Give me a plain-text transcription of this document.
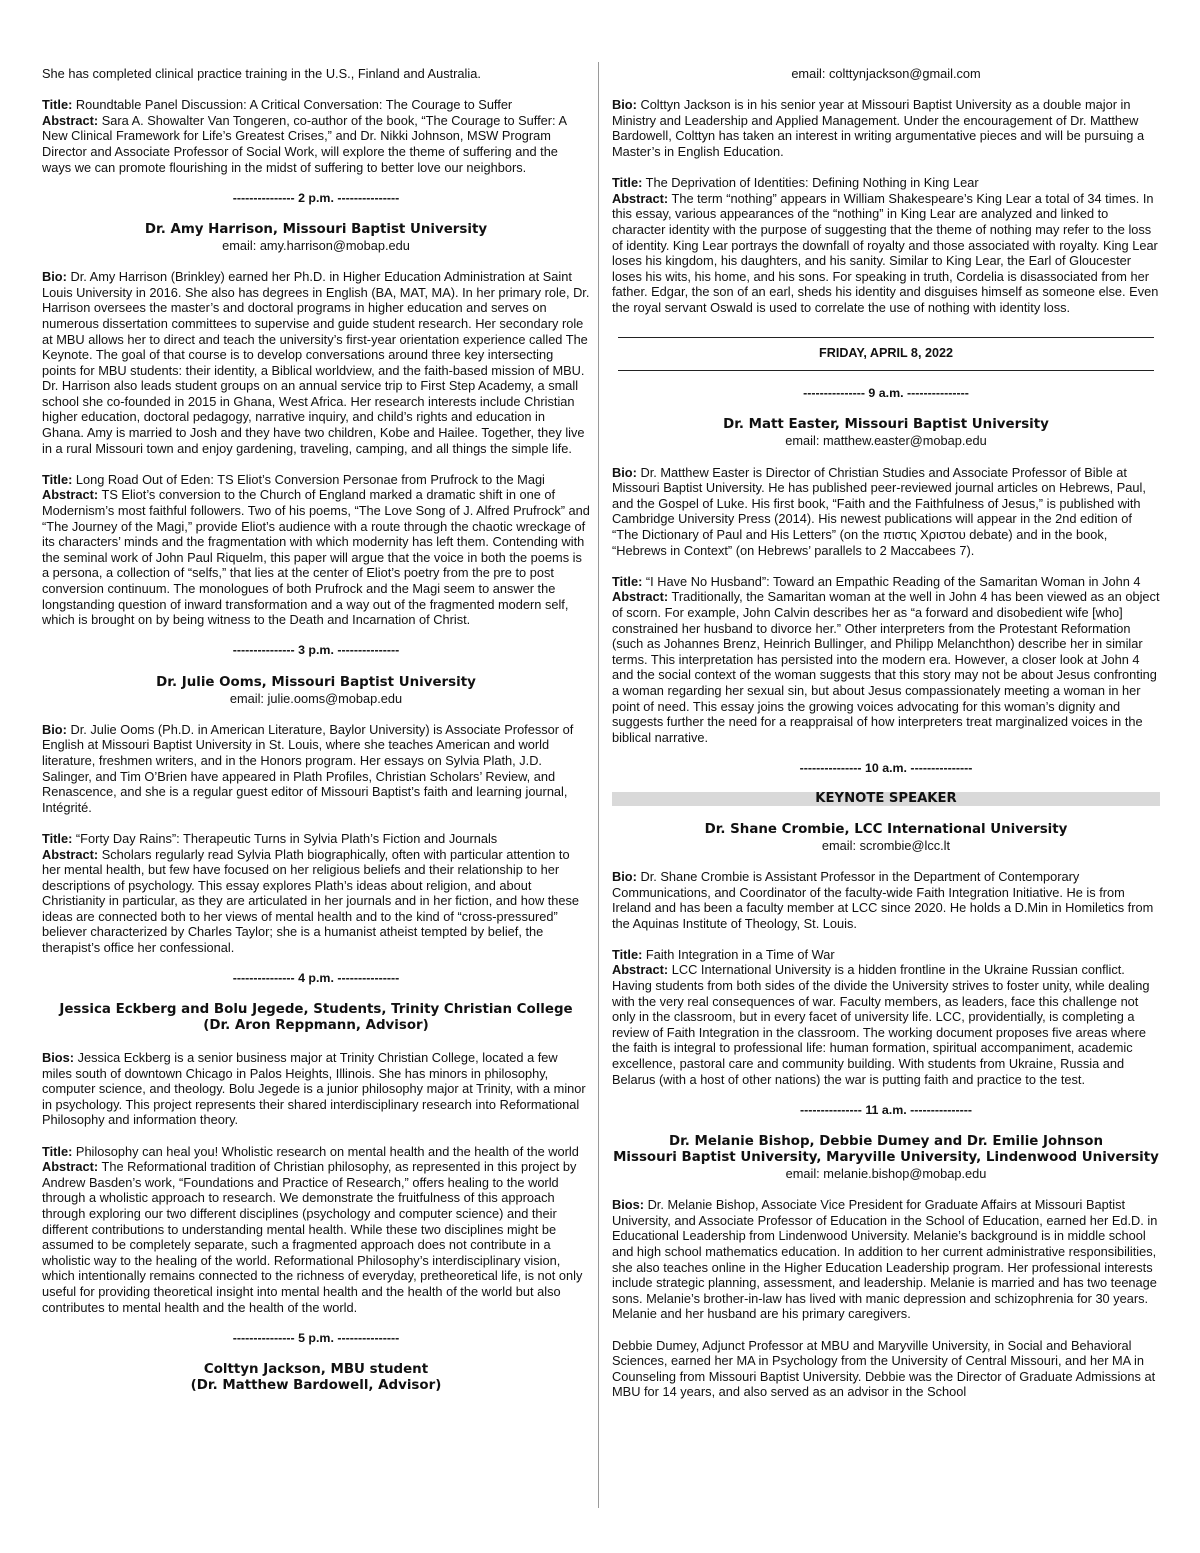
She has completed clinical practice training in the U.S., Finland and Australia.

Title: Roundtable Panel Discussion: A Critical Conversation: The Courage to Suffer

Abstract: Sara A. Showalter Van Tongeren, co-author of the book, “The Courage to Suffer: A New Clinical Framework for Life’s Greatest Crises,” and Dr. Nikki Johnson, MSW Program Director and Associate Professor of Social Work, will explore the theme of suffering and the ways we can promote flourishing in the midst of suffering to better love our neighbors.

--------------- 2 p.m. ---------------

Dr. Amy Harrison, Missouri Baptist University

email: amy.harrison@mobap.edu

Bio: Dr. Amy Harrison (Brinkley) earned her Ph.D. in Higher Education Administration at Saint Louis University in 2016. She also has degrees in English (BA, MAT, MA). In her primary role, Dr. Harrison oversees the master’s and doctoral programs in higher education and serves on numerous dissertation committees to supervise and guide student research. Her secondary role at MBU allows her to direct and teach the university’s first-year orientation experience called The Keynote. The goal of that course is to develop conversations around three key intersecting points for MBU students: their identity, a Biblical worldview, and the faith-based mission of MBU. Dr. Harrison also leads student groups on an annual service trip to First Step Academy, a small school she co-founded in 2015 in Ghana, West Africa. Her research interests include Christian higher education, doctoral pedagogy, narrative inquiry, and child’s rights and education in Ghana. Amy is married to Josh and they have two children, Kobe and Hailee. Together, they live in a rural Missouri town and enjoy gardening, traveling, camping, and all things the simple life.

Title: Long Road Out of Eden: TS Eliot’s Conversion Personae from Prufrock to the Magi

Abstract: TS Eliot’s conversion to the Church of England marked a dramatic shift in one of Modernism’s most faithful followers. Two of his poems, “The Love Song of J. Alfred Prufrock” and “The Journey of the Magi,” provide Eliot’s audience with a route through the chaotic wreckage of its characters’ minds and the fragmentation with which modernity has left them. Contending with the seminal work of John Paul Riquelm, this paper will argue that the voice in both the poems is a persona, a collection of “selfs,” that lies at the center of Eliot’s poetry from the pre to post conversion continuum. The monologues of both Prufrock and the Magi seem to answer the longstanding question of inward transformation and a way out of the fragmented modern self, which is brought on by being witness to the Death and Incarnation of Christ.

--------------- 3 p.m. ---------------

Dr. Julie Ooms, Missouri Baptist University

email: julie.ooms@mobap.edu

Bio: Dr. Julie Ooms (Ph.D. in American Literature, Baylor University) is Associate Professor of English at Missouri Baptist University in St. Louis, where she teaches American and world literature, freshmen writers, and in the Honors program. Her essays on Sylvia Plath, J.D. Salinger, and Tim O’Brien have appeared in Plath Profiles, Christian Scholars’ Review, and Renascence, and she is a regular guest editor of Missouri Baptist’s faith and learning journal, Intégrité.

Title: “Forty Day Rains”: Therapeutic Turns in Sylvia Plath’s Fiction and Journals

Abstract: Scholars regularly read Sylvia Plath biographically, often with particular attention to her mental health, but few have focused on her religious beliefs and their relationship to her descriptions of psychology. This essay explores Plath’s ideas about religion, and about Christianity in particular, as they are articulated in her journals and in her fiction, and how these ideas are connected both to her views of mental health and to the kind of “cross-pressured” believer characterized by Charles Taylor; she is a humanist atheist tempted by belief, the therapist’s office her confessional.

--------------- 4 p.m. ---------------

Jessica Eckberg and Bolu Jegede, Students, Trinity Christian College

(Dr. Aron Reppmann, Advisor)

Bios: Jessica Eckberg is a senior business major at Trinity Christian College, located a few miles south of downtown Chicago in Palos Heights, Illinois. She has minors in philosophy, computer science, and theology. Bolu Jegede is a junior philosophy major at Trinity, with a minor in psychology. This project represents their shared interdisciplinary research into Reformational Philosophy and information theory.

Title: Philosophy can heal you! Wholistic research on mental health and the health of the world

Abstract: The Reformational tradition of Christian philosophy, as represented in this project by Andrew Basden’s work, “Foundations and Practice of Research,” offers healing to the world through a wholistic approach to research. We demonstrate the fruitfulness of this approach through exploring our two different disciplines (psychology and computer science) and their different contributions to understanding mental health. While these two disciplines might be assumed to be completely separate, such a fragmented approach does not contribute in a wholistic way to the healing of the world. Reformational Philosophy’s interdisciplinary vision, which intentionally remains connected to the richness of everyday, pretheoretical life, is not only useful for providing theoretical insight into mental health and the health of the world but also contributes to mental health and the health of the world.

--------------- 5 p.m. ---------------

Colttyn Jackson, MBU student

(Dr. Matthew Bardowell, Advisor)

email: colttynjackson@gmail.com

Bio: Colttyn Jackson is in his senior year at Missouri Baptist University as a double major in Ministry and Leadership and Applied Management. Under the encouragement of Dr. Matthew Bardowell, Colttyn has taken an interest in writing argumentative pieces and will be pursuing a Master’s in English Education.

Title: The Deprivation of Identities: Defining Nothing in King Lear

Abstract: The term “nothing” appears in William Shakespeare’s King Lear a total of 34 times. In this essay, various appearances of the “nothing” in King Lear are analyzed and linked to character identity with the purpose of suggesting that the theme of nothing may refer to the loss of identity. King Lear portrays the downfall of royalty and those associated with royalty. King Lear loses his kingdom, his daughters, and his sanity. Similar to King Lear, the Earl of Gloucester loses his wits, his home, and his sons. For speaking in truth, Cordelia is disassociated from her father. Edgar, the son of an earl, sheds his identity and disguises himself as someone else. Even the royal servant Oswald is used to correlate the use of nothing with identity loss.

FRIDAY, APRIL 8, 2022

--------------- 9 a.m. ---------------

Dr. Matt Easter, Missouri Baptist University

email: matthew.easter@mobap.edu

Bio: Dr. Matthew Easter is Director of Christian Studies and Associate Professor of Bible at Missouri Baptist University. He has published peer-reviewed journal articles on Hebrews, Paul, and the Gospel of Luke. His first book, “Faith and the Faithfulness of Jesus,” is published with Cambridge University Press (2014). His newest publications will appear in the 2nd edition of “The Dictionary of Paul and His Letters” (on the πιστις Χριστου debate) and in the book, “Hebrews in Context” (on Hebrews’ parallels to 2 Maccabees 7).

Title: “I Have No Husband”: Toward an Empathic Reading of the Samaritan Woman in John 4

Abstract: Traditionally, the Samaritan woman at the well in John 4 has been viewed as an object of scorn. For example, John Calvin describes her as “a forward and disobedient wife [who] constrained her husband to divorce her.” Other interpreters from the Protestant Reformation (such as Johannes Brenz, Heinrich Bullinger, and Philipp Melanchthon) describe her in similar terms. This interpretation has persisted into the modern era. However, a closer look at John 4 and the social context of the woman suggests that this story may not be about Jesus confronting a woman regarding her sexual sin, but about Jesus compassionately meeting a woman in her point of need. This essay joins the growing voices advocating for this woman’s dignity and suggests further the need for a reappraisal of how interpreters treat marginalized voices in the biblical narrative.

--------------- 10 a.m. ---------------

KEYNOTE SPEAKER

Dr. Shane Crombie, LCC International University

email: scrombie@lcc.lt

Bio: Dr. Shane Crombie is Assistant Professor in the Department of Contemporary Communications, and Coordinator of the faculty-wide Faith Integration Initiative. He is from Ireland and has been a faculty member at LCC since 2020. He holds a D.Min in Homiletics from the Aquinas Institute of Theology, St. Louis.

Title: Faith Integration in a Time of War

Abstract: LCC International University is a hidden frontline in the Ukraine Russian conflict. Having students from both sides of the divide the University strives to foster unity, while dealing with the very real consequences of war. Faculty members, as leaders, face this challenge not only in the classroom, but in every facet of university life. LCC, providentially, is completing a review of Faith Integration in the classroom. The working document proposes five areas where the faith is integral to professional life: human formation, spiritual accompaniment, academic excellence, pastoral care and community building. With students from Ukraine, Russia and Belarus (with a host of other nations) the war is putting faith and practice to the test.

--------------- 11 a.m. ---------------

Dr. Melanie Bishop, Debbie Dumey and Dr. Emilie Johnson

Missouri Baptist University, Maryville University, Lindenwood University

email: melanie.bishop@mobap.edu

Bios: Dr. Melanie Bishop, Associate Vice President for Graduate Affairs at Missouri Baptist University, and Associate Professor of Education in the School of Education, earned her Ed.D. in Educational Leadership from Lindenwood University. Melanie’s background is in middle school and high school mathematics education. In addition to her current administrative responsibilities, she also teaches online in the Higher Education Leadership program. Her professional interests include strategic planning, assessment, and leadership. Melanie is married and has two teenage sons. Melanie’s brother-in-law has lived with manic depression and schizophrenia for 30 years. Melanie and her husband are his primary caregivers.

Debbie Dumey, Adjunct Professor at MBU and Maryville University, in Social and Behavioral Sciences, earned her MA in Psychology from the University of Central Missouri, and her MA in Counseling from Missouri Baptist University. Debbie was the Director of Graduate Admissions at MBU for 14 years, and also served as an advisor in the School
